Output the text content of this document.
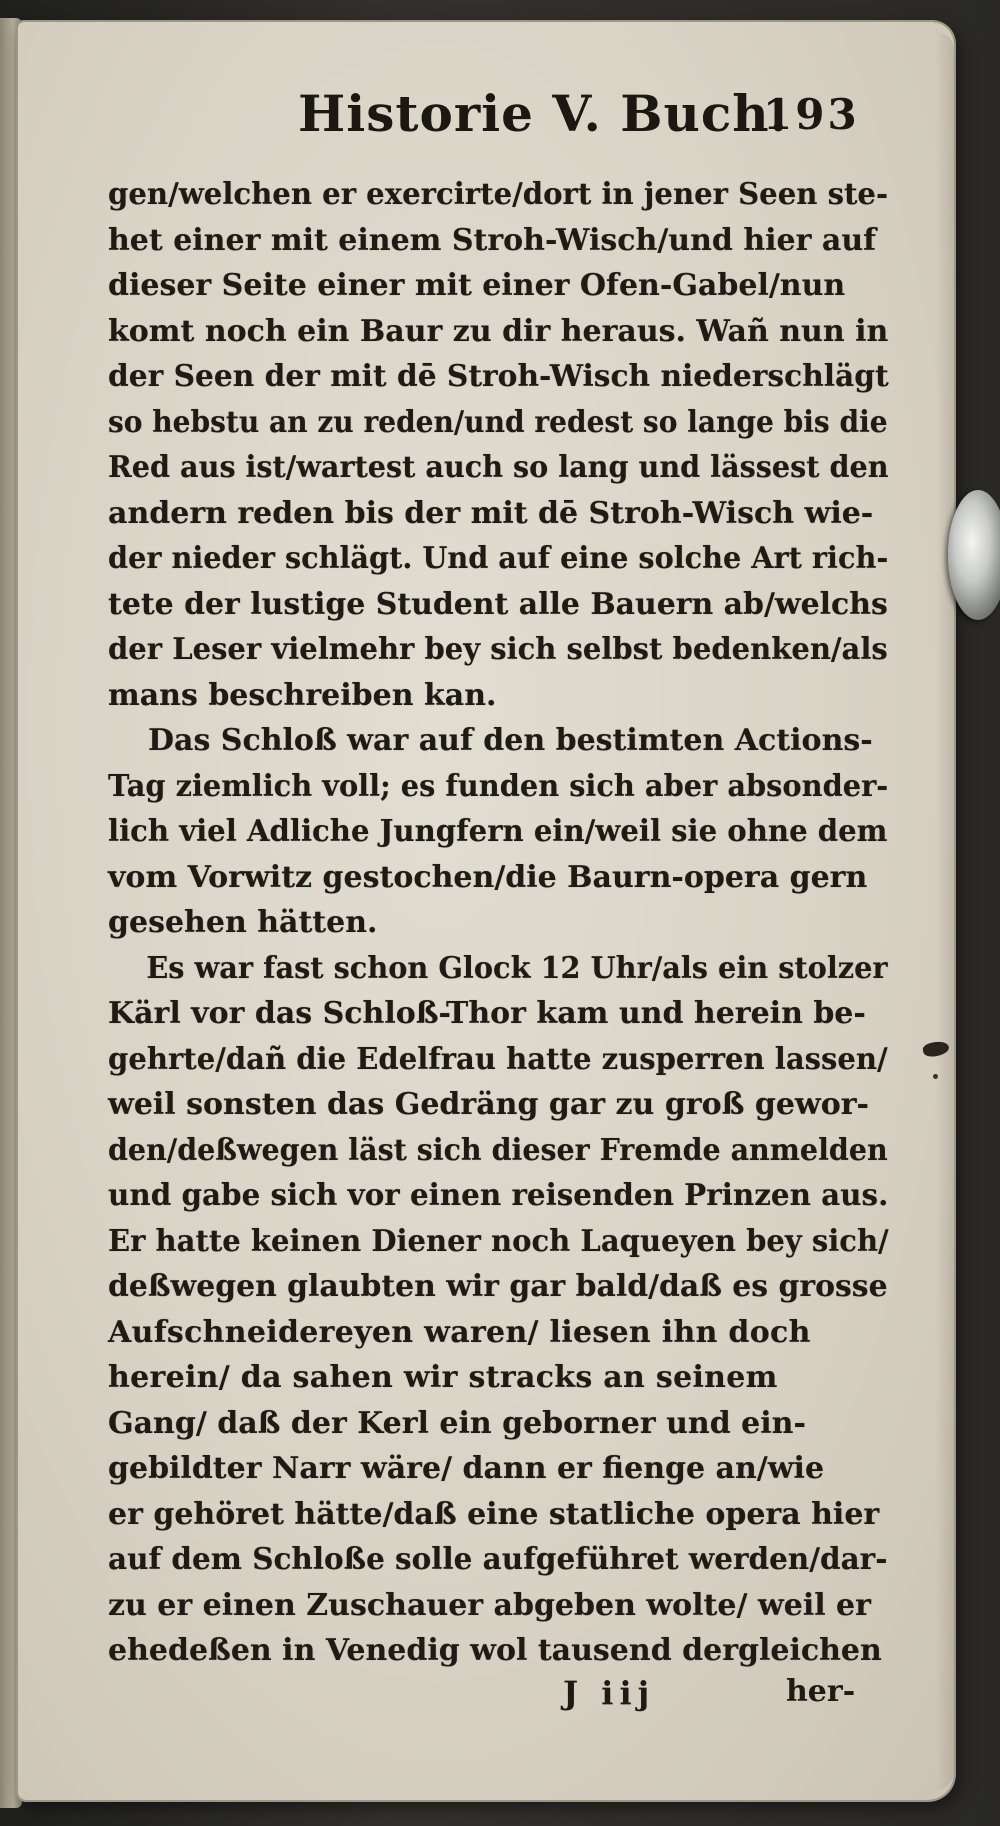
Historie V. Buch.
193
gen/welchen er exercirte/dort in jener Seen ste-
het einer mit einem Stroh-Wisch/und hier auf
dieser Seite einer mit einer Ofen-Gabel/nun
komt noch ein Baur zu dir heraus. Wañ nun in
der Seen der mit dē Stroh-Wisch niederschlägt
so hebstu an zu reden/und redest so lange bis die
Red aus ist/wartest auch so lang und lässest den
andern reden bis der mit dē Stroh-Wisch wie-
der nieder schlägt. Und auf eine solche Art rich-
tete der lustige Student alle Bauern ab/welchs
der Leser vielmehr bey sich selbst bedenken/als
mans beschreiben kan.
Das Schloß war auf den bestimten Actions-
Tag ziemlich voll; es funden sich aber absonder-
lich viel Adliche Jungfern ein/weil sie ohne dem
vom Vorwitz gestochen/die Baurn-opera gern
gesehen hätten.
Es war fast schon Glock 12 Uhr/als ein stolzer
Kärl vor das Schloß-Thor kam und herein be-
gehrte/dañ die Edelfrau hatte zusperren lassen/
weil sonsten das Gedräng gar zu groß gewor-
den/deßwegen läst sich dieser Fremde anmelden
und gabe sich vor einen reisenden Prinzen aus.
Er hatte keinen Diener noch Laqueyen bey sich/
deßwegen glaubten wir gar bald/daß es grosse
Aufschneidereyen waren/ liesen ihn doch
herein/ da sahen wir stracks an seinem
Gang/ daß der Kerl ein geborner und ein-
gebildter Narr wäre/ dann er fienge an/wie
er gehöret hätte/daß eine statliche opera hier
auf dem Schloße solle aufgeführet werden/dar-
zu er einen Zuschauer abgeben wolte/ weil er
ehedeßen in Venedig wol tausend dergleichen
J iij	her-
